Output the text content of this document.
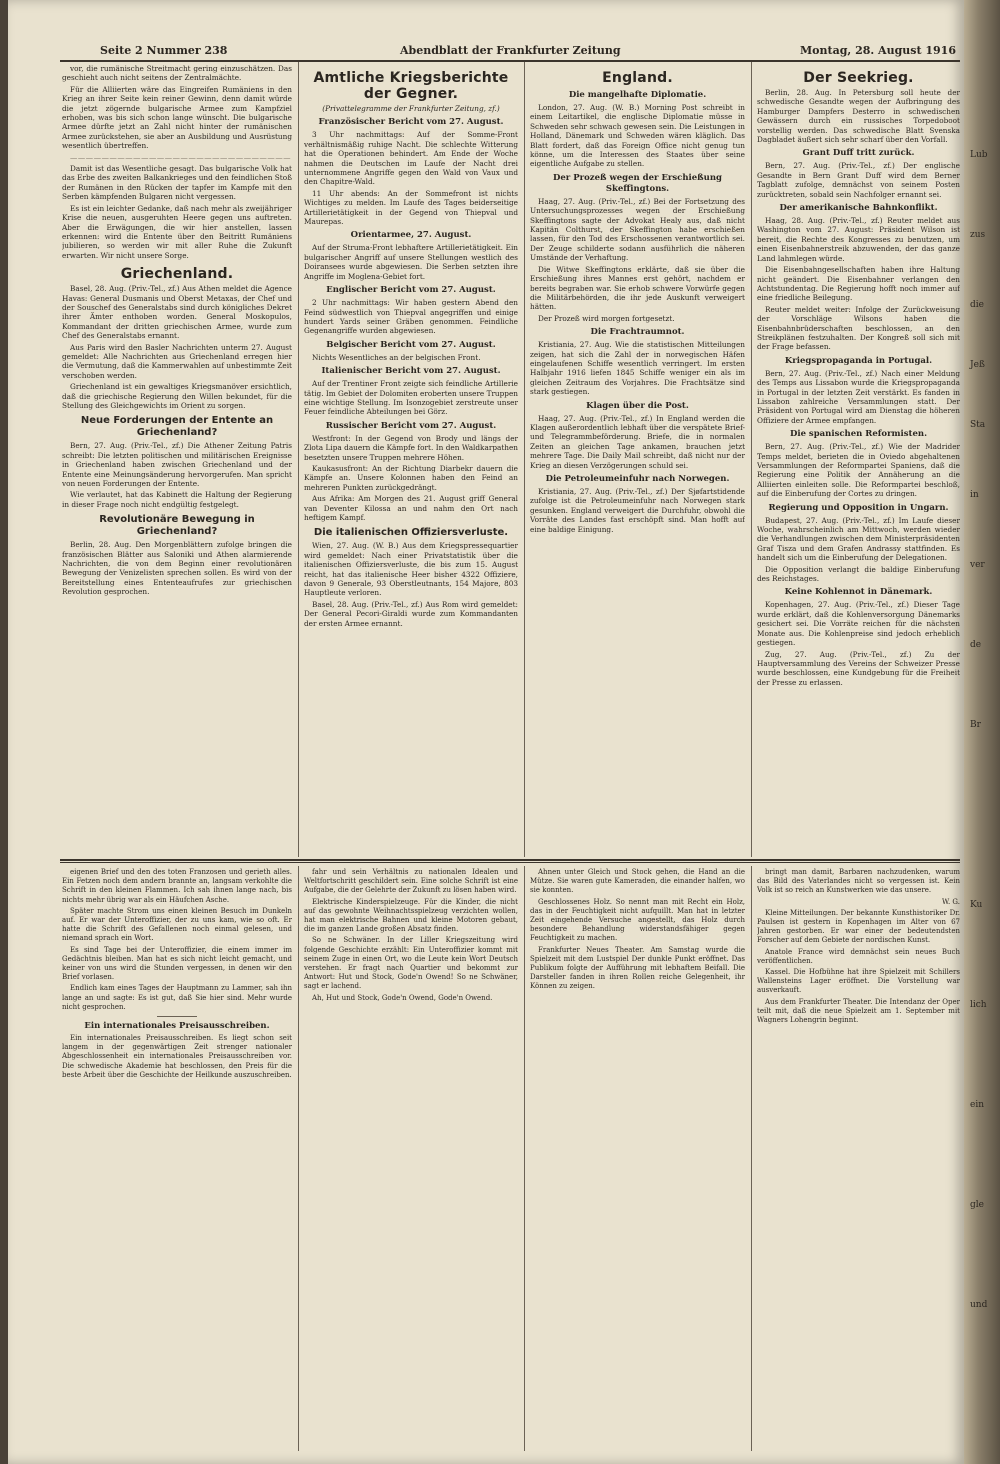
Seite 2 Nummer 238	Abendblatt der Frankfurter Zeitung	Montag, 28. August 1916

vor, die rumänische Streitmacht gering einzuschätzen. Das geschieht auch nicht seitens der Zentralmächte.

Für die Alliierten wäre das Eingreifen Rumäniens in den Krieg an ihrer Seite kein reiner Gewinn, denn damit würde die jetzt zögernde bulgarische Armee zum Kampfziel erhoben, was bis sich schon lange wünscht. Die bulgarische Armee dürfte jetzt an Zahl nicht hinter der rumänischen Armee zurückstehen, sie aber an Ausbildung und Ausrüstung wesentlich übertreffen.

————————————————————————————

Damit ist das Wesentliche gesagt. Das bulgarische Volk hat das Erbe des zweiten Balkankrieges und den feindlichen Stoß der Rumänen in den Rücken der tapfer im Kampfe mit den Serben kämpfenden Bulgaren nicht vergessen.

Es ist ein leichter Gedanke, daß nach mehr als zweijähriger Krise die neuen, ausgeruhten Heere gegen uns auftreten. Aber die Erwägungen, die wir hier anstellen, lassen erkennen: wird die Entente über den Beitritt Rumäniens jubilieren, so werden wir mit aller Ruhe die Zukunft erwarten. Wir nicht unsere Sorge.

Griechenland.

Basel, 28. Aug. (Priv.-Tel., zf.) Aus Athen meldet die Agence Havas: General Dusmanis und Oberst Metaxas, der Chef und der Souschef des Generalstabs sind durch königliches Dekret ihrer Ämter enthoben worden. General Moskopulos, Kommandant der dritten griechischen Armee, wurde zum Chef des Generalstabs ernannt.

Aus Paris wird den Basler Nachrichten unterm 27. August gemeldet: Alle Nachrichten aus Griechenland erregen hier die Vermutung, daß die Kammerwahlen auf unbestimmte Zeit verschoben werden.

Griechenland ist ein gewaltiges Kriegsmanöver ersichtlich, daß die griechische Regierung den Willen bekundet, für die Stellung des Gleichgewichts im Orient zu sorgen.

Neue Forderungen der Entente an Griechenland?

Bern, 27. Aug. (Priv.-Tel., zf.) Die Athener Zeitung Patris schreibt: Die letzten politischen und militärischen Ereignisse in Griechenland haben zwischen Griechenland und der Entente eine Meinungsänderung hervorgerufen. Man spricht von neuen Forderungen der Entente.

Wie verlautet, hat das Kabinett die Haltung der Regierung in dieser Frage noch nicht endgültig festgelegt.

Revolutionäre Bewegung in Griechenland?

Berlin, 28. Aug. Den Morgenblättern zufolge bringen die französischen Blätter aus Saloniki und Athen alarmierende Nachrichten, die von dem Beginn einer revolutionären Bewegung der Venizelisten sprechen sollen. Es wird von der Bereitstellung eines Ententeaufrufes zur griechischen Revolution gesprochen.

Amtliche Kriegsberichte der Gegner.
(Privattelegramme der Frankfurter Zeitung, zf.)
Französischer Bericht vom 27. August.

3 Uhr nachmittags: Auf der Somme-Front verhältnismäßig ruhige Nacht. Die schlechte Witterung hat die Operationen behindert. Am Ende der Woche nahmen die Deutschen im Laufe der Nacht drei unternommene Angriffe gegen den Wald von Vaux und den Chapitre-Wald.

11 Uhr abends: An der Sommefront ist nichts Wichtiges zu melden. Im Laufe des Tages beiderseitige Artillerietätigkeit in der Gegend von Thiepval und Maurepas.

Orientarmee, 27. August.

Auf der Struma-Front lebhaftere Artillerietätigkeit. Ein bulgarischer Angriff auf unsere Stellungen westlich des Doiransees wurde abgewiesen. Die Serben setzten ihre Angriffe im Moglena-Gebiet fort.

Englischer Bericht vom 27. August.

2 Uhr nachmittags: Wir haben gestern Abend den Feind südwestlich von Thiepval angegriffen und einige hundert Yards seiner Gräben genommen. Feindliche Gegenangriffe wurden abgewiesen.

Belgischer Bericht vom 27. August.

Nichts Wesentliches an der belgischen Front.

Italienischer Bericht vom 27. August.

Auf der Trentiner Front zeigte sich feindliche Artillerie tätig. Im Gebiet der Dolomiten eroberten unsere Truppen eine wichtige Stellung. Im Isonzogebiet zerstreute unser Feuer feindliche Abteilungen bei Görz.

Russischer Bericht vom 27. August.

Westfront: In der Gegend von Brody und längs der Zlota Lipa dauern die Kämpfe fort. In den Waldkarpathen besetzten unsere Truppen mehrere Höhen.

Kaukasusfront: An der Richtung Diarbekr dauern die Kämpfe an. Unsere Kolonnen haben den Feind an mehreren Punkten zurückgedrängt.

Aus Afrika: Am Morgen des 21. August griff General van Deventer Kilossa an und nahm den Ort nach heftigem Kampf.

Die italienischen Offiziersverluste.

Wien, 27. Aug. (W. B.) Aus dem Kriegspressequartier wird gemeldet: Nach einer Privatstatistik über die italienischen Offiziersverluste, die bis zum 15. August reicht, hat das italienische Heer bisher 4322 Offiziere, davon 9 Generale, 93 Oberstleutnants, 154 Majore, 803 Hauptleute verloren.

Basel, 28. Aug. (Priv.-Tel., zf.) Aus Rom wird gemeldet: Der General Pecori-Giraldi wurde zum Kommandanten der ersten Armee ernannt.

England.
Die mangelhafte Diplomatie.

London, 27. Aug. (W. B.) Morning Post schreibt in einem Leitartikel, die englische Diplomatie müsse in Schweden sehr schwach gewesen sein. Die Leistungen in Holland, Dänemark und Schweden wären kläglich. Das Blatt fordert, daß das Foreign Office nicht genug tun könne, um die Interessen des Staates über seine eigentliche Aufgabe zu stellen.

Der Prozeß wegen der Erschießung Skeffingtons.

Haag, 27. Aug. (Priv.-Tel., zf.) Bei der Fortsetzung des Untersuchungsprozesses wegen der Erschießung Skeffingtons sagte der Advokat Healy aus, daß nicht Kapitän Colthurst, der Skeffington habe erschießen lassen, für den Tod des Erschossenen verantwortlich sei. Der Zeuge schilderte sodann ausführlich die näheren Umstände der Verhaftung.

Die Witwe Skeffingtons erklärte, daß sie über die Erschießung ihres Mannes erst gehört, nachdem er bereits begraben war. Sie erhob schwere Vorwürfe gegen die Militärbehörden, die ihr jede Auskunft verweigert hätten.

Der Prozeß wird morgen fortgesetzt.

Die Frachtraumnot.

Kristiania, 27. Aug. Wie die statistischen Mitteilungen zeigen, hat sich die Zahl der in norwegischen Häfen eingelaufenen Schiffe wesentlich verringert. Im ersten Halbjahr 1916 liefen 1845 Schiffe weniger ein als im gleichen Zeitraum des Vorjahres. Die Frachtsätze sind stark gestiegen.

Klagen über die Post.

Haag, 27. Aug. (Priv.-Tel., zf.) In England werden die Klagen außerordentlich lebhaft über die verspätete Brief- und Telegrammbeförderung. Briefe, die in normalen Zeiten an gleichen Tage ankamen, brauchen jetzt mehrere Tage. Die Daily Mail schreibt, daß nicht nur der Krieg an diesen Verzögerungen schuld sei.

Die Petroleumeinfuhr nach Norwegen.

Kristiania, 27. Aug. (Priv.-Tel., zf.) Der Sjøfartstidende zufolge ist die Petroleumeinfuhr nach Norwegen stark gesunken. England verweigert die Durchfuhr, obwohl die Vorräte des Landes fast erschöpft sind. Man hofft auf eine baldige Einigung.

Der Seekrieg.

Berlin, 28. Aug. In Petersburg soll heute der schwedische Gesandte wegen der Aufbringung des Hamburger Dampfers Desterro in schwedischen Gewässern durch ein russisches Torpedoboot vorstellig werden. Das schwedische Blatt Svenska Dagbladet äußert sich sehr scharf über den Vorfall.

Grant Duff tritt zurück.

Bern, 27. Aug. (Priv.-Tel., zf.) Der englische Gesandte in Bern Grant Duff wird dem Berner Tagblatt zufolge, demnächst von seinem Posten zurücktreten, sobald sein Nachfolger ernannt sei.

Der amerikanische Bahnkonflikt.

Haag, 28. Aug. (Priv.-Tel., zf.) Reuter meldet aus Washington vom 27. August: Präsident Wilson ist bereit, die Rechte des Kongresses zu benutzen, um einen Eisenbahnerstreik abzuwenden, der das ganze Land lahmlegen würde.

Die Eisenbahngesellschaften haben ihre Haltung nicht geändert. Die Eisenbahner verlangen den Achtstundentag. Die Regierung hofft noch immer auf eine friedliche Beilegung.

Reuter meldet weiter: Infolge der Zurückweisung der Vorschläge Wilsons haben die Eisenbahnbrüderschaften beschlossen, an den Streikplänen festzuhalten. Der Kongreß soll sich mit der Frage befassen.

Kriegspropaganda in Portugal.

Bern, 27. Aug. (Priv.-Tel., zf.) Nach einer Meldung des Temps aus Lissabon wurde die Kriegspropaganda in Portugal in der letzten Zeit verstärkt. Es fanden in Lissabon zahlreiche Versammlungen statt. Der Präsident von Portugal wird am Dienstag die höheren Offiziere der Armee empfangen.

Die spanischen Reformisten.

Bern, 27. Aug. (Priv.-Tel., zf.) Wie der Madrider Temps meldet, berieten die in Oviedo abgehaltenen Versammlungen der Reformpartei Spaniens, daß die Regierung eine Politik der Annäherung an die Alliierten einleiten solle. Die Reformpartei beschloß, auf die Einberufung der Cortes zu dringen.

Regierung und Opposition in Ungarn.

Budapest, 27. Aug. (Priv.-Tel., zf.) Im Laufe dieser Woche, wahrscheinlich am Mittwoch, werden wieder die Verhandlungen zwischen dem Ministerpräsidenten Graf Tisza und dem Grafen Andrassy stattfinden. Es handelt sich um die Einberufung der Delegationen.

Die Opposition verlangt die baldige Einberufung des Reichstages.

Keine Kohlennot in Dänemark.

Kopenhagen, 27. Aug. (Priv.-Tel., zf.) Dieser Tage wurde erklärt, daß die Kohlenversorgung Dänemarks gesichert sei. Die Vorräte reichen für die nächsten Monate aus. Die Kohlenpreise sind jedoch erheblich gestiegen.

Zug, 27. Aug. (Priv.-Tel., zf.) Zu der Hauptversammlung des Vereins der Schweizer Presse wurde beschlossen, eine Kundgebung für die Freiheit der Presse zu erlassen.

eigenen Brief und den des toten Franzosen und gerieth alles. Ein Fetzen noch dem andern brannte an, langsam verkohlte die Schrift in den kleinen Flammen. Ich sah ihnen lange nach, bis nichts mehr übrig war als ein Häufchen Asche.

Später machte Strom uns einen kleinen Besuch im Dunkeln auf. Er war der Unteroffizier, der zu uns kam, wie so oft. Er hatte die Schrift des Gefallenen noch einmal gelesen, und niemand sprach ein Wort.

Es sind Tage bei der Unteroffizier, die einem immer im Gedächtnis bleiben. Man hat es sich nicht leicht gemacht, und keiner von uns wird die Stunden vergessen, in denen wir den Brief vorlasen.

Endlich kam eines Tages der Hauptmann zu Lammer, sah ihn lange an und sagte: Es ist gut, daß Sie hier sind. Mehr wurde nicht gesprochen.

Ein internationales Preisausschreiben.

Ein internationales Preisausschreiben. Es liegt schon seit langem in der gegenwärtigen Zeit strenger nationaler Abgeschlossenheit ein internationales Preisausschreiben vor. Die schwedische Akademie hat beschlossen, den Preis für die beste Arbeit über die Geschichte der Heilkunde auszuschreiben.

fahr und sein Verhältnis zu nationalen Idealen und Weltfortschritt geschildert sein. Eine solche Schrift ist eine Aufgabe, die der Gelehrte der Zukunft zu lösen haben wird.

Elektrische Kinderspielzeuge. Für die Kinder, die nicht auf das gewohnte Weihnachtsspielzeug verzichten wollen, hat man elektrische Bahnen und kleine Motoren gebaut, die im ganzen Lande großen Absatz finden.

So ne Schwäner. In der Liller Kriegszeitung wird folgende Geschichte erzählt: Ein Unteroffizier kommt mit seinem Zuge in einen Ort, wo die Leute kein Wort Deutsch verstehen. Er fragt nach Quartier und bekommt zur Antwort: Hut und Stock, Gode'n Owend! So ne Schwäner, sagt er lachend.

Ah, Hut und Stock, Gode'n Owend, Gode'n Owend.

Ahnen unter Gleich und Stock gehen, die Hand an die Mütze. Sie waren gute Kameraden, die einander halfen, wo sie konnten.

Geschlossenes Holz. So nennt man mit Recht ein Holz, das in der Feuchtigkeit nicht aufquillt. Man hat in letzter Zeit eingehende Versuche angestellt, das Holz durch besondere Behandlung widerstandsfähiger gegen Feuchtigkeit zu machen.

Frankfurter Neues Theater. Am Samstag wurde die Spielzeit mit dem Lustspiel Der dunkle Punkt eröffnet. Das Publikum folgte der Aufführung mit lebhaftem Beifall. Die Darsteller fanden in ihren Rollen reiche Gelegenheit, ihr Können zu zeigen.

bringt man damit, Barbaren nachzudenken, warum das Bild des Vaterlandes nicht so vergessen ist. Kein Volk ist so reich an Kunstwerken wie das unsere.

W. G.

Kleine Mitteilungen. Der bekannte Kunsthistoriker Dr. Paulsen ist gestern in Kopenhagen im Alter von 67 Jahren gestorben. Er war einer der bedeutendsten Forscher auf dem Gebiete der nordischen Kunst.

Anatole France wird demnächst sein neues Buch veröffentlichen.

Kassel. Die Hofbühne hat ihre Spielzeit mit Schillers Wallensteins Lager eröffnet. Die Vorstellung war ausverkauft.

Aus dem Frankfurter Theater. Die Intendanz der Oper teilt mit, daß die neue Spielzeit am 1. September mit Wagners Lohengrin beginnt.

Lub
zus
die
Jeß
Sta
in
ver
de
Br
Ku
lich
ein
gle
und
